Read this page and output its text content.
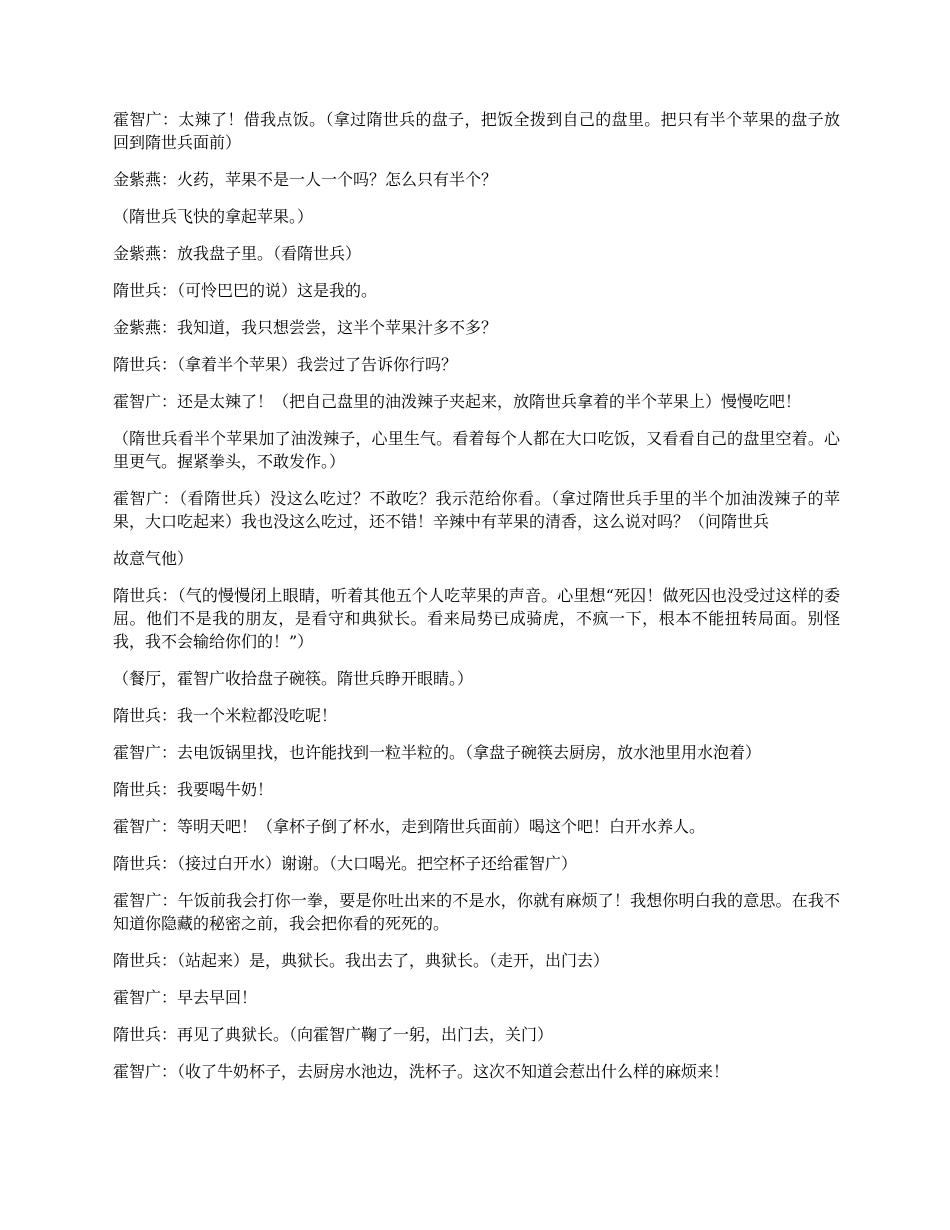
霍智广：太辣了！借我点饭。（拿过隋世兵的盘子，把饭全拨到自己的盘里。把只有半个苹果的盘子放回到隋世兵面前）

金紫燕：火药，苹果不是一人一个吗？怎么只有半个？

（隋世兵飞快的拿起苹果。）

金紫燕：放我盘子里。（看隋世兵）

隋世兵：（可怜巴巴的说）这是我的。

金紫燕：我知道，我只想尝尝，这半个苹果汁多不多？

隋世兵：（拿着半个苹果）我尝过了告诉你行吗？

霍智广：还是太辣了！（把自己盘里的油泼辣子夹起来，放隋世兵拿着的半个苹果上）慢慢吃吧！

（隋世兵看半个苹果加了油泼辣子，心里生气。看着每个人都在大口吃饭，又看看自己的盘里空着。心里更气。握紧拳头，不敢发作。）

霍智广：（看隋世兵）没这么吃过？不敢吃？我示范给你看。（拿过隋世兵手里的半个加油泼辣子的苹果，大口吃起来）我也没这么吃过，还不错！辛辣中有苹果的清香，这么说对吗？（问隋世兵

故意气他）

隋世兵：（气的慢慢闭上眼睛，听着其他五个人吃苹果的声音。心里想“死囚！做死囚也没受过这样的委屈。他们不是我的朋友，是看守和典狱长。看来局势已成骑虎，不疯一下，根本不能扭转局面。别怪我，我不会输给你们的！”）

（餐厅，霍智广收拾盘子碗筷。隋世兵睁开眼睛。）

隋世兵：我一个米粒都没吃呢！

霍智广：去电饭锅里找，也许能找到一粒半粒的。（拿盘子碗筷去厨房，放水池里用水泡着）

隋世兵：我要喝牛奶！

霍智广：等明天吧！（拿杯子倒了杯水，走到隋世兵面前）喝这个吧！白开水养人。

隋世兵：（接过白开水）谢谢。（大口喝光。把空杯子还给霍智广）

霍智广：午饭前我会打你一拳，要是你吐出来的不是水，你就有麻烦了！我想你明白我的意思。在我不知道你隐藏的秘密之前，我会把你看的死死的。

隋世兵：（站起来）是，典狱长。我出去了，典狱长。（走开，出门去）

霍智广：早去早回！

隋世兵：再见了典狱长。（向霍智广鞠了一躬，出门去，关门）

霍智广：（收了牛奶杯子，去厨房水池边，洗杯子。这次不知道会惹出什么样的麻烦来！
